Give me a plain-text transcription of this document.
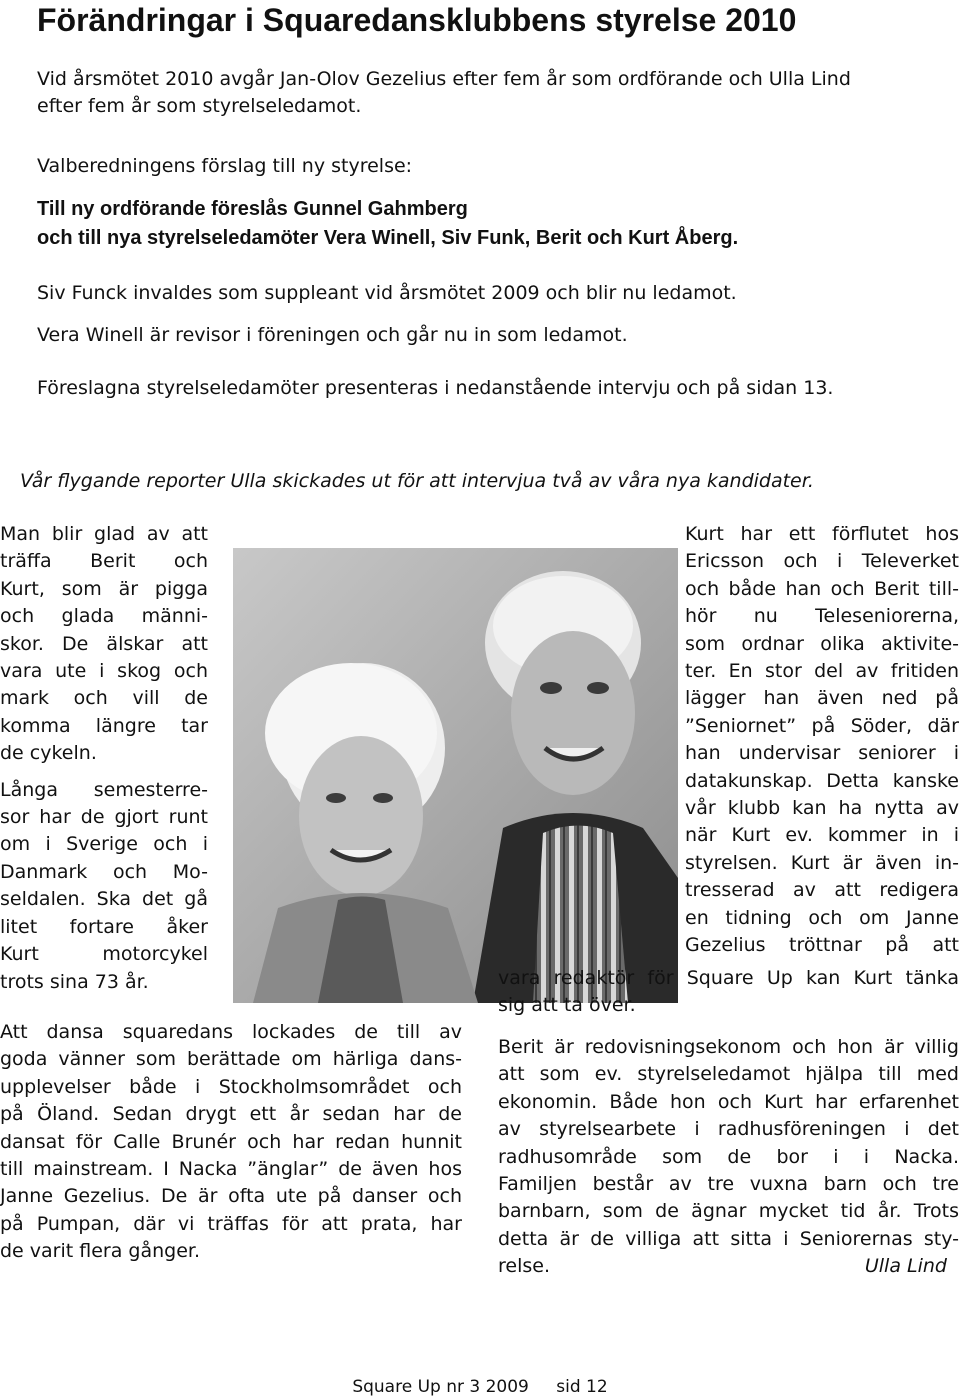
Förändringar i Squaredansklubbens styrelse 2010
Vid årsmötet 2010 avgår Jan-Olov Gezelius efter fem år som ordförande och Ulla Lind
efter fem år som styrelseledamot.
Valberedningens förslag till ny styrelse:
Till ny ordförande föreslås Gunnel Gahmberg
och till nya styrelseledamöter Vera Winell, Siv Funk, Berit och Kurt Åberg.
Siv Funck invaldes som suppleant vid årsmötet 2009 och blir nu ledamot.
Vera Winell är revisor i föreningen och går nu in som ledamot.
Föreslagna styrelseledamöter presenteras i nedanstående intervju och på sidan 13.
Vår flygande reporter Ulla skickades ut för att intervjua två av våra nya kandidater.

Man blir glad av att
träffa Berit och
Kurt, som är pigga
och glada männi-
skor. De älskar att
vara ute i skog och
mark och vill de
komma längre tar
de cykeln.

Långa semesterre-
sor har de gjort runt
om i Sverige och i
Danmark och Mo-
seldalen. Ska det gå
litet fortare åker
Kurt motorcykel
trots sina 73 år.

Kurt har ett förflutet hos
Ericsson och i Televerket
och både han och Berit till-
hör nu Teleseniorerna,
som ordnar olika aktivite-
ter. En stor del av fritiden
lägger han även ned på
”Seniornet” på Söder, där
han undervisar seniorer i
datakunskap. Detta kanske
vår klubb kan ha nytta av
när Kurt ev. kommer in i
styrelsen. Kurt är även in-
tresserad av att redigera
en tidning och om Janne
Gezelius tröttnar på att

vara redaktör för Square Up kan Kurt tänka
sig att ta över.

Att dansa squaredans lockades de till av
goda vänner som berättade om härliga dans-
upplevelser både i Stockholmsområdet och
på Öland. Sedan drygt ett år sedan har de
dansat för Calle Brunér och har redan hunnit
till mainstream. I Nacka ”änglar” de även hos
Janne Gezelius. De är ofta ute på danser och
på Pumpan, där vi träffas för att prata, har
de varit flera gånger.

Berit är redovisningsekonom och hon är villig
att som ev. styrelseledamot hjälpa till med
ekonomin. Både hon och Kurt har erfarenhet
av styrelsearbete i radhusföreningen i det
radhusområde som de bor i i Nacka.
Familjen består av tre vuxna barn och tre
barnbarn, som de ägnar mycket tid år. Trots
detta är de villiga att sitta i Seniorernas sty-

relse.	Ulla Lind
Square Up nr 3 2009 sid 12
